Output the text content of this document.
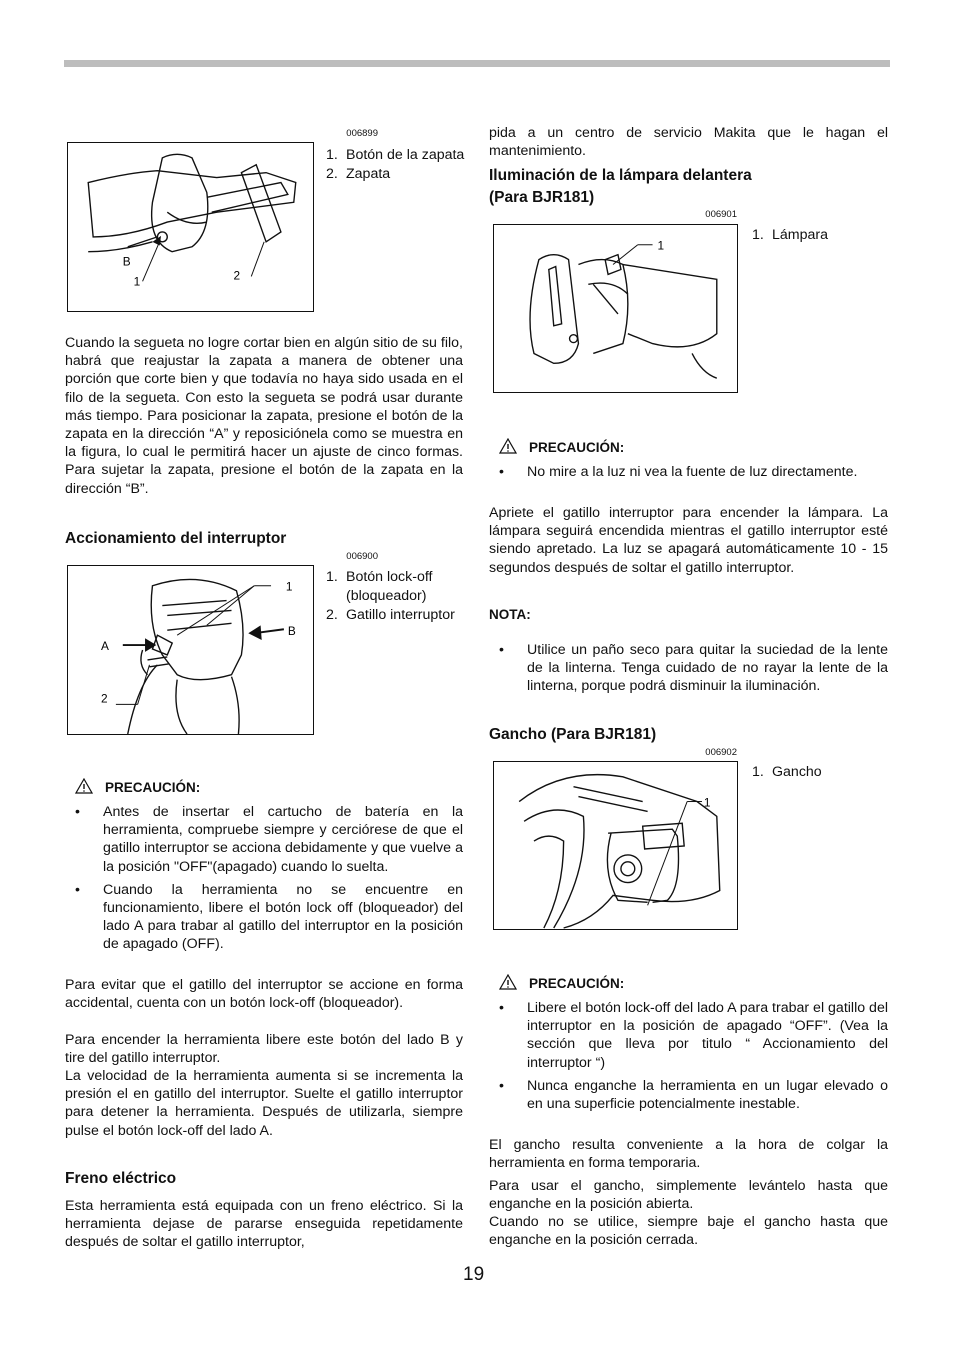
006899
B
1	2
1. Botón de la zapata
2. Zapata

Cuando la segueta no logre cortar bien en algún sitio de su filo, habrá que reajustar la zapata a manera de obtener una porción que corte bien y que todavía no haya sido usada en el filo de la segueta. Con esto la segueta se podrá usar durante más tiempo. Para posicionar la zapata, presione el botón de la zapata en la dirección “A” y reposiciónela como se muestra en la figura, lo cual le permitirá hacer un ajuste de cinco formas. Para sujetar la zapata, presione el botón de la zapata en la dirección “B”.

Accionamiento del interruptor
006900
1
A
B
2
1. Botón lock-off (bloqueador)
2. Gatillo interruptor
PRECAUCIÓN:
• Antes de insertar el cartucho de batería en la herramienta, compruebe siempre y cerciórese de que el gatillo interruptor se acciona debidamente y que vuelve a la posición "OFF"(apagado) cuando lo suelta.
• Cuando la herramienta no se encuentre en funcionamiento, libere el botón lock off (bloqueador) del lado A para trabar al gatillo del interruptor en la posición de apagado (OFF).

Para evitar que el gatillo del interruptor se accione en forma accidental, cuenta con un botón lock-off (bloqueador).

Para encender la herramienta libere este botón del lado B y tire del gatillo interruptor.

La velocidad de la herramienta aumenta si se incrementa la presión el en gatillo del interruptor. Suelte el gatillo interruptor para detener la herramienta. Después de utilizarla, siempre pulse el botón lock-off del lado A.

Freno eléctrico

Esta herramienta está equipada con un freno eléctrico. Si la herramienta dejase de pararse enseguida repetidamente después de soltar el gatillo interruptor,

pida a un centro de servicio Makita que le hagan el mantenimiento.

Iluminación de la lámpara delantera
(Para BJR181)
006901
1
1. Lámpara
PRECAUCIÓN:
• No mire a la luz ni vea la fuente de luz directamente.

Apriete el gatillo interruptor para encender la lámpara. La lámpara seguirá encendida mientras el gatillo interruptor esté siendo apretado. La luz se apagará automáticamente 10 - 15 segundos después de soltar el gatillo interruptor.

NOTA:
• Utilice un paño seco para quitar la suciedad de la lente de la linterna. Tenga cuidado de no rayar la lente de la linterna, porque podrá disminuir la iluminación.
Gancho (Para BJR181)
006902
1
1. Gancho
PRECAUCIÓN:
• Libere el botón lock-off del lado A para trabar el gatillo del interruptor en la posición de apagado “OFF”. (Vea la sección que lleva por titulo “ Accionamiento del interruptor “)
• Nunca enganche la herramienta en un lugar elevado o en una superficie potencialmente inestable.

El gancho resulta conveniente a la hora de colgar la herramienta en forma temporaria.

Para usar el gancho, simplemente levántelo hasta que enganche en la posición abierta.

Cuando no se utilice, siempre baje el gancho hasta que enganche en la posición cerrada.

19
